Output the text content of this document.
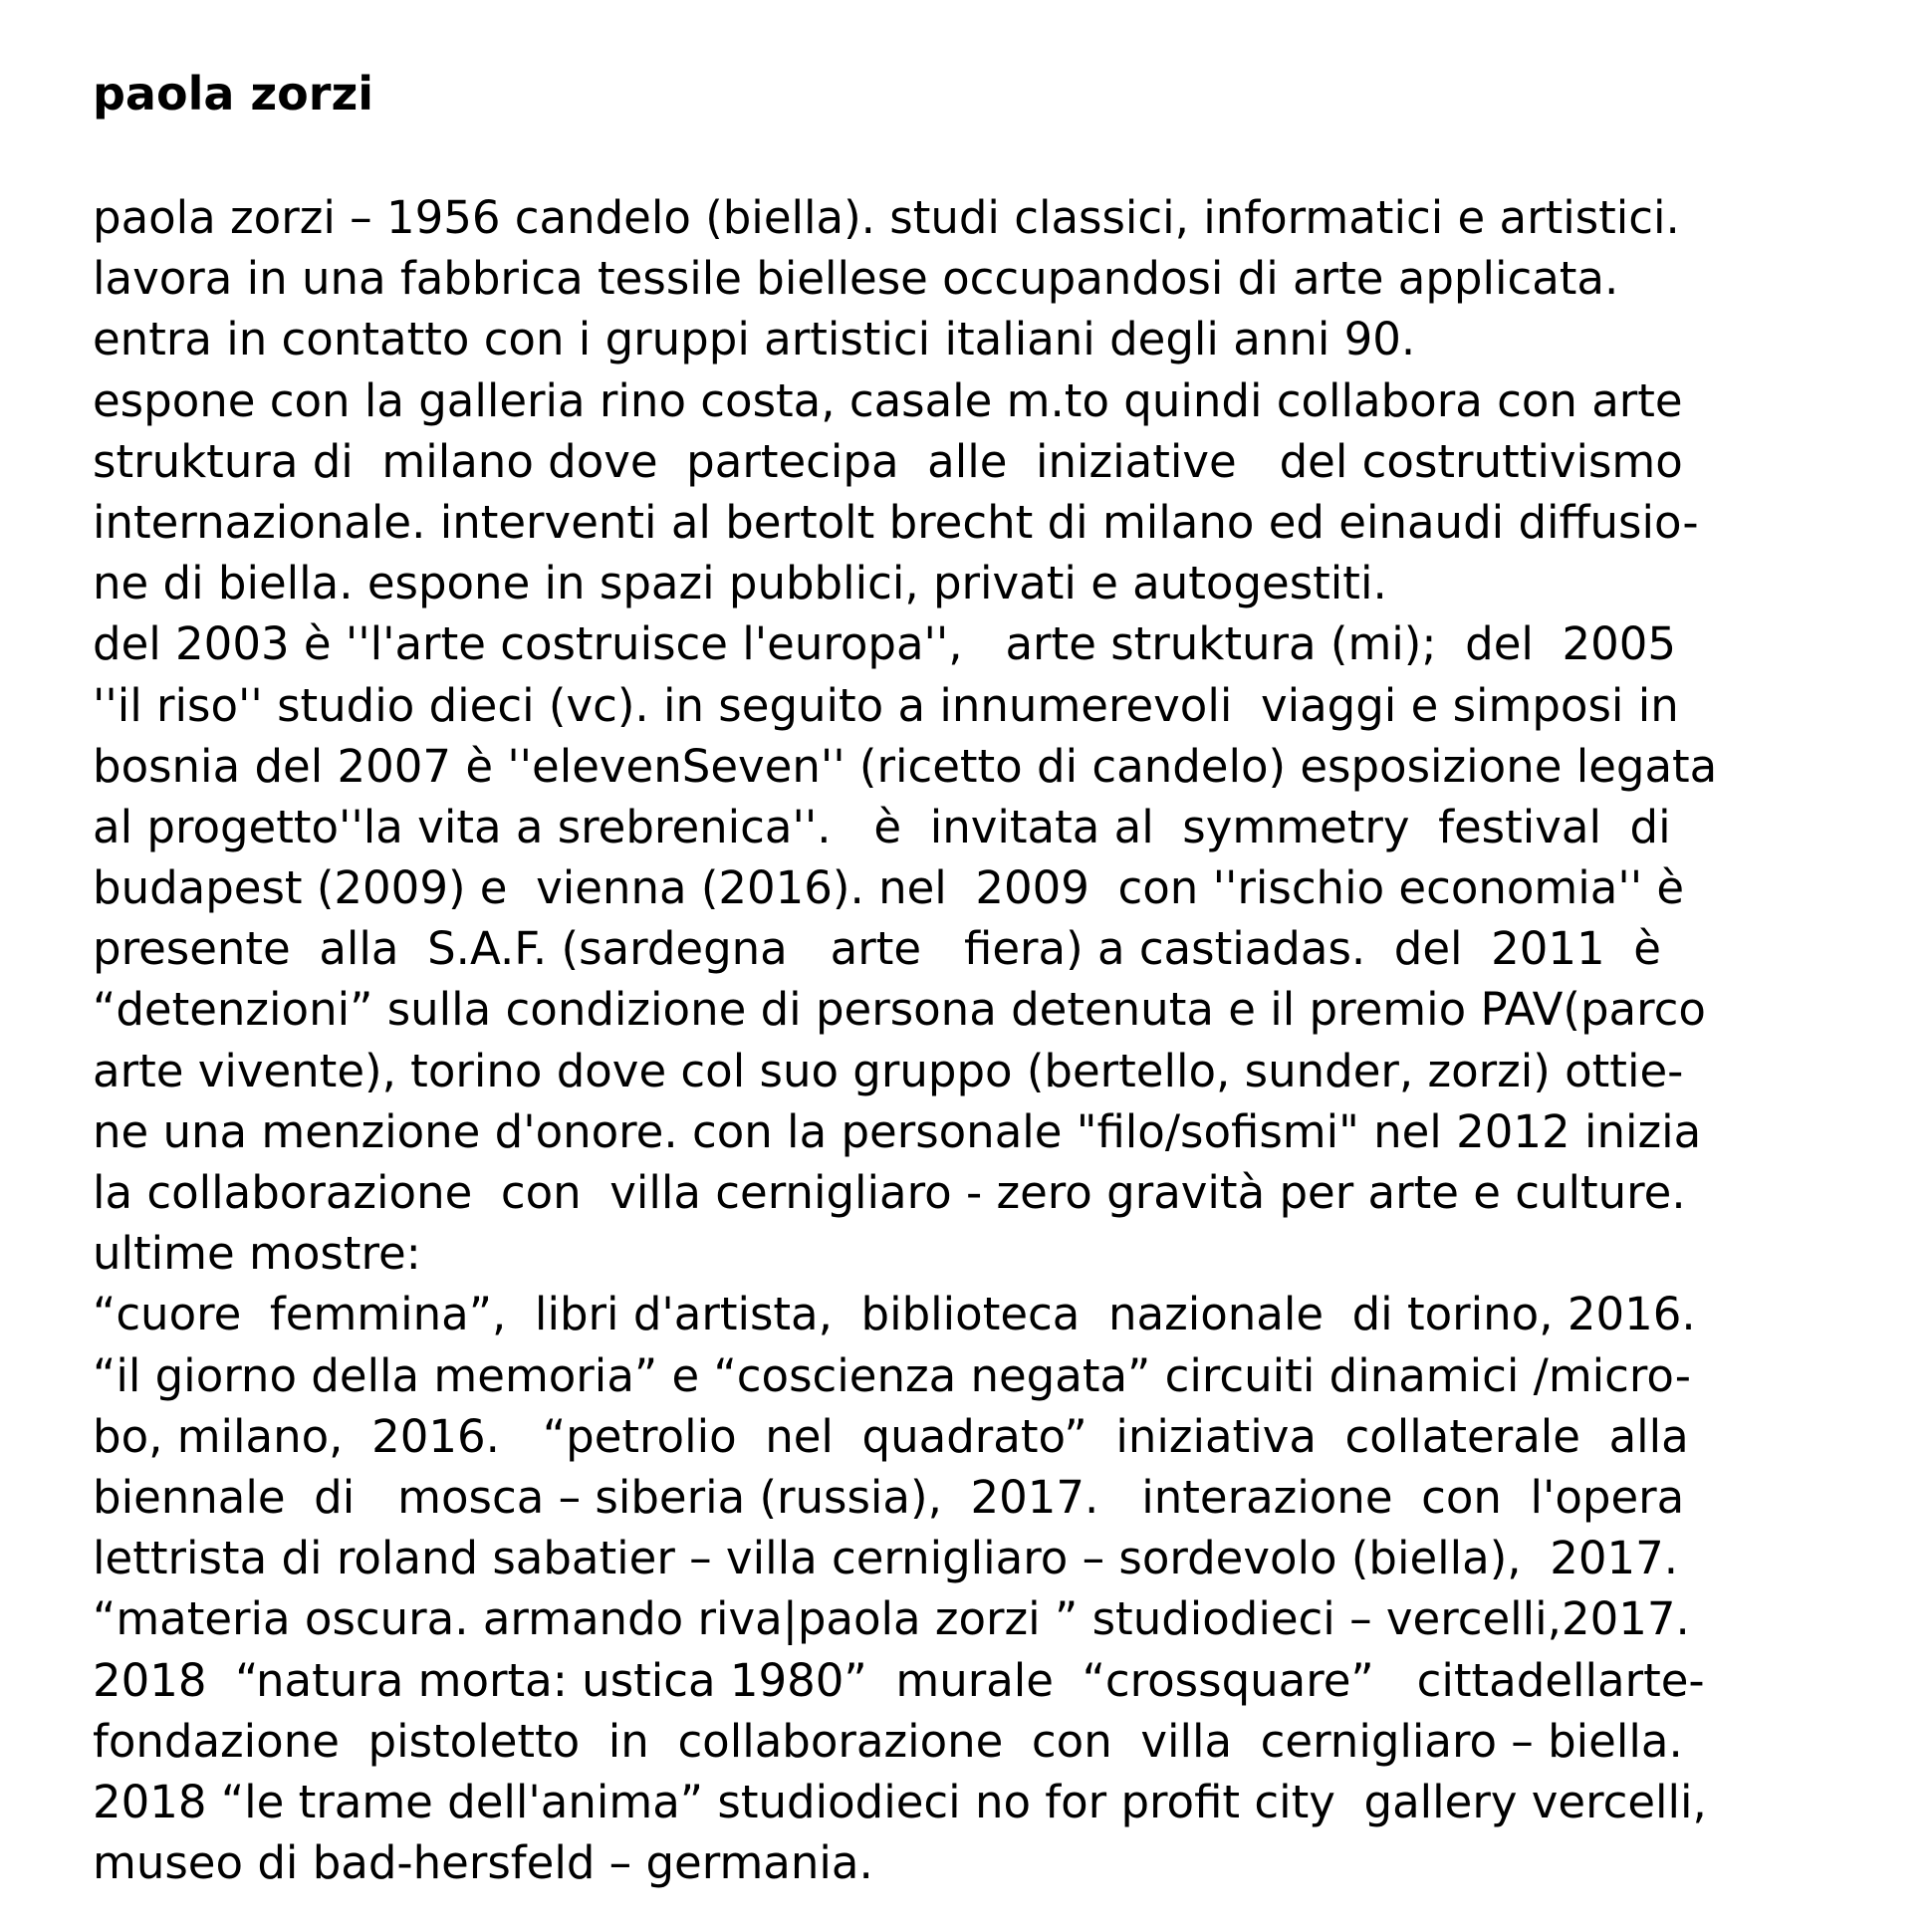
paola zorzi
paola zorzi – 1956 candelo (biella). studi classici, informatici e artistici.
lavora in una fabbrica tessile biellese occupandosi di arte applicata.
entra in contatto con i gruppi artistici italiani degli anni 90.
espone con la galleria rino costa, casale m.to quindi collabora con arte
struktura di  milano dove  partecipa  alle  iniziative   del costruttivismo
internazionale. interventi al bertolt brecht di milano ed einaudi diffusio-
ne di biella. espone in spazi pubblici, privati e autogestiti.
del 2003 è ''l'arte costruisce l'europa'',   arte struktura (mi);  del  2005
''il riso'' studio dieci (vc). in seguito a innumerevoli  viaggi e simposi in
bosnia del 2007 è ''elevenSeven'' (ricetto di candelo) esposizione legata
al progetto''la vita a srebrenica''.   è  invitata al  symmetry  festival  di
budapest (2009) e  vienna (2016). nel  2009  con ''rischio economia'' è
presente  alla  S.A.F. (sardegna   arte   fiera) a castiadas.  del  2011  è
“detenzioni” sulla condizione di persona detenuta e il premio PAV(parco
arte vivente), torino dove col suo gruppo (bertello, sunder, zorzi) ottie-
ne una menzione d'onore. con la personale "filo/sofismi" nel 2012 inizia
la collaborazione  con  villa cernigliaro - zero gravità per arte e culture.
ultime mostre:
“cuore  femmina”,  libri d'artista,  biblioteca  nazionale  di torino, 2016.
“il giorno della memoria” e “coscienza negata” circuiti dinamici /micro-
bo, milano,  2016.   “petrolio  nel  quadrato”  iniziativa  collaterale  alla
biennale  di   mosca – siberia (russia),  2017.   interazione  con  l'opera
lettrista di roland sabatier – villa cernigliaro – sordevolo (biella),  2017.
“materia oscura. armando riva|paola zorzi ” studiodieci – vercelli,2017.
2018  “natura morta: ustica 1980”  murale  “crossquare”   cittadellarte-
fondazione  pistoletto  in  collaborazione  con  villa  cernigliaro – biella.
2018 “le trame dell'anima” studiodieci no for profit city  gallery vercelli,
museo di bad-hersfeld – germania.
